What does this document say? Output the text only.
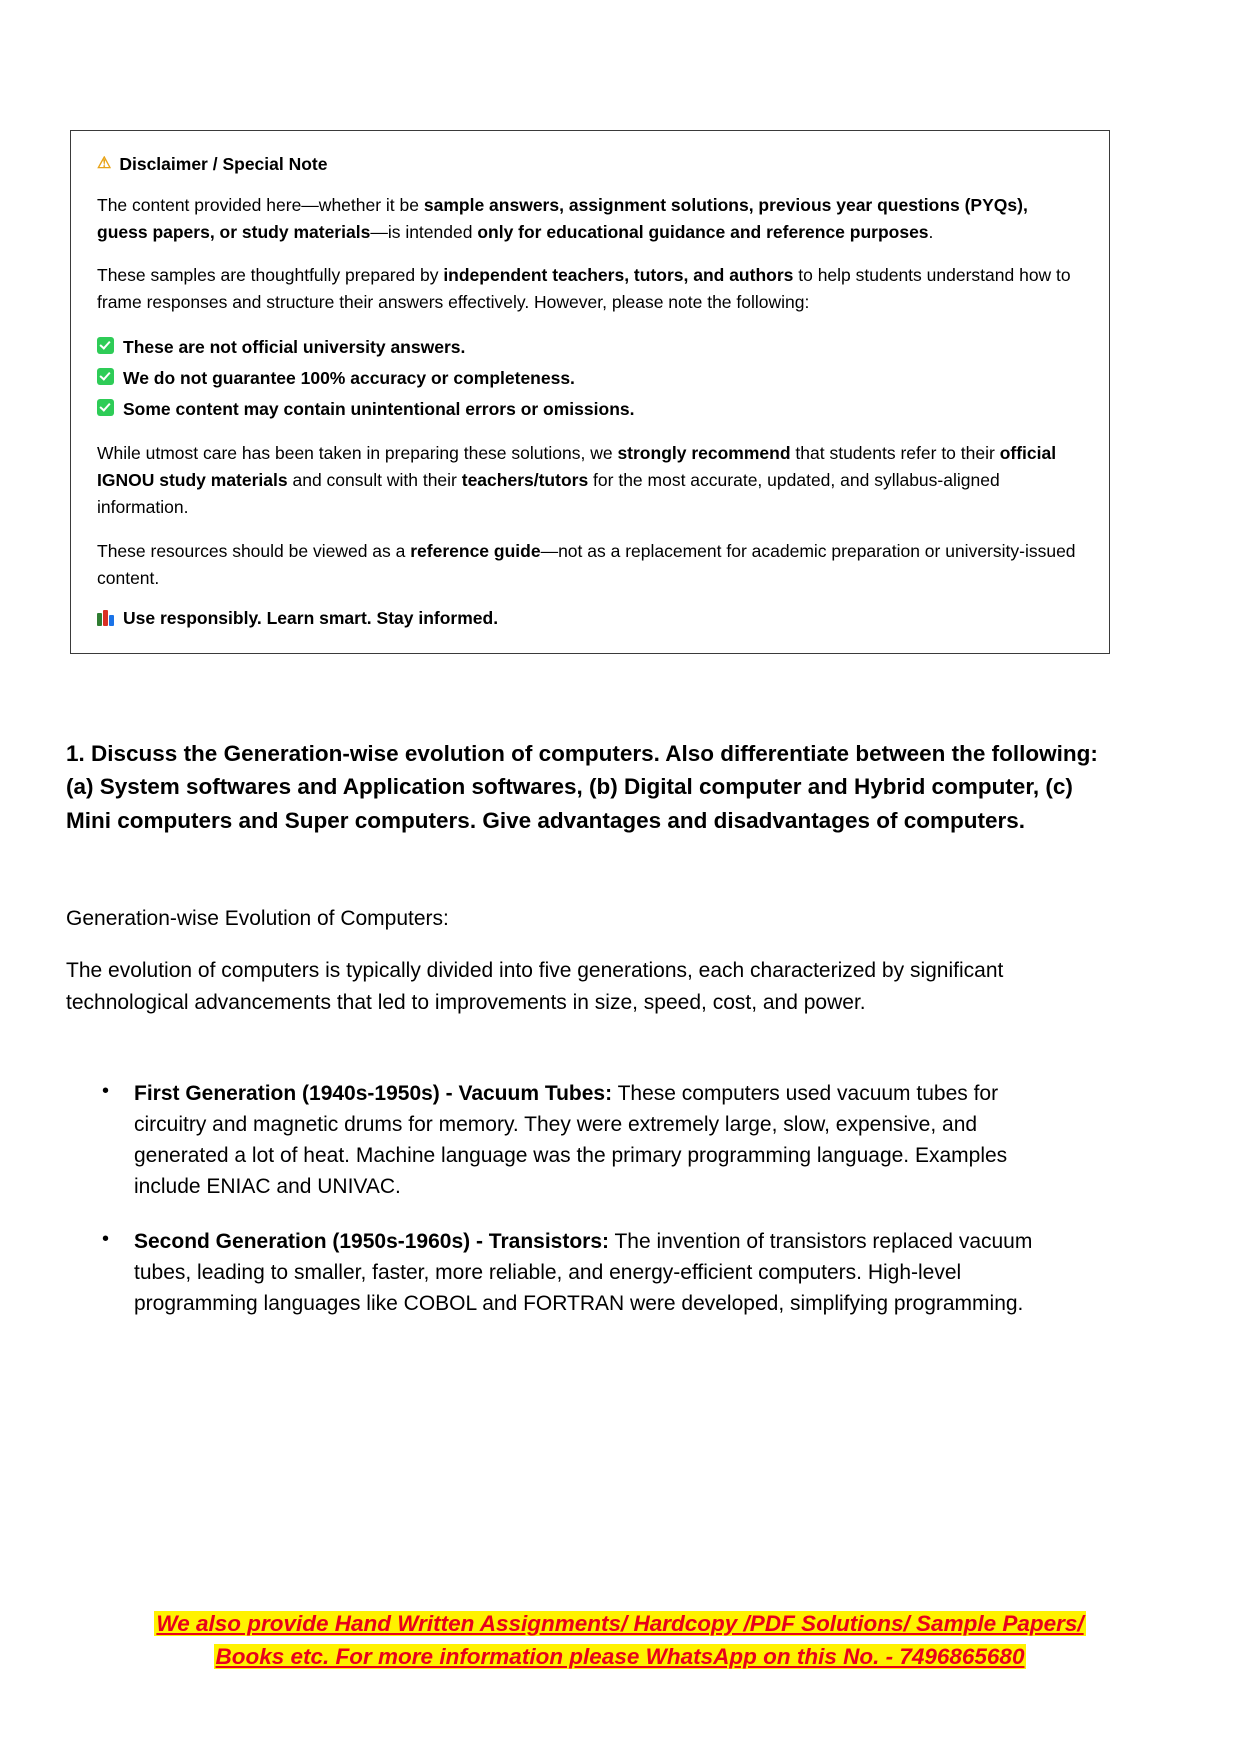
⚠ Disclaimer / Special Note

The content provided here—whether it be sample answers, assignment solutions, previous year questions (PYQs), guess papers, or study materials—is intended only for educational guidance and reference purposes.

These samples are thoughtfully prepared by independent teachers, tutors, and authors to help students understand how to frame responses and structure their answers effectively. However, please note the following:

These are not official university answers.
We do not guarantee 100% accuracy or completeness.
Some content may contain unintentional errors or omissions.

While utmost care has been taken in preparing these solutions, we strongly recommend that students refer to their official IGNOU study materials and consult with their teachers/tutors for the most accurate, updated, and syllabus-aligned information.

These resources should be viewed as a reference guide—not as a replacement for academic preparation or university-issued content.

Use responsibly. Learn smart. Stay informed.

1. Discuss the Generation-wise evolution of computers. Also differentiate between the following: (a) System softwares and Application softwares, (b) Digital computer and Hybrid computer, (c) Mini computers and Super computers. Give advantages and disadvantages of computers.
Generation-wise Evolution of Computers:
The evolution of computers is typically divided into five generations, each characterized by significant technological advancements that led to improvements in size, speed, cost, and power.
• First Generation (1940s-1950s) - Vacuum Tubes: These computers used vacuum tubes for circuitry and magnetic drums for memory. They were extremely large, slow, expensive, and generated a lot of heat. Machine language was the primary programming language. Examples include ENIAC and UNIVAC.
• Second Generation (1950s-1960s) - Transistors: The invention of transistors replaced vacuum tubes, leading to smaller, faster, more reliable, and energy-efficient computers. High-level programming languages like COBOL and FORTRAN were developed, simplifying programming.
We also provide Hand Written Assignments/ Hardcopy /PDF Solutions/ Sample Papers/
Books etc. For more information please WhatsApp on this No. - 7496865680
